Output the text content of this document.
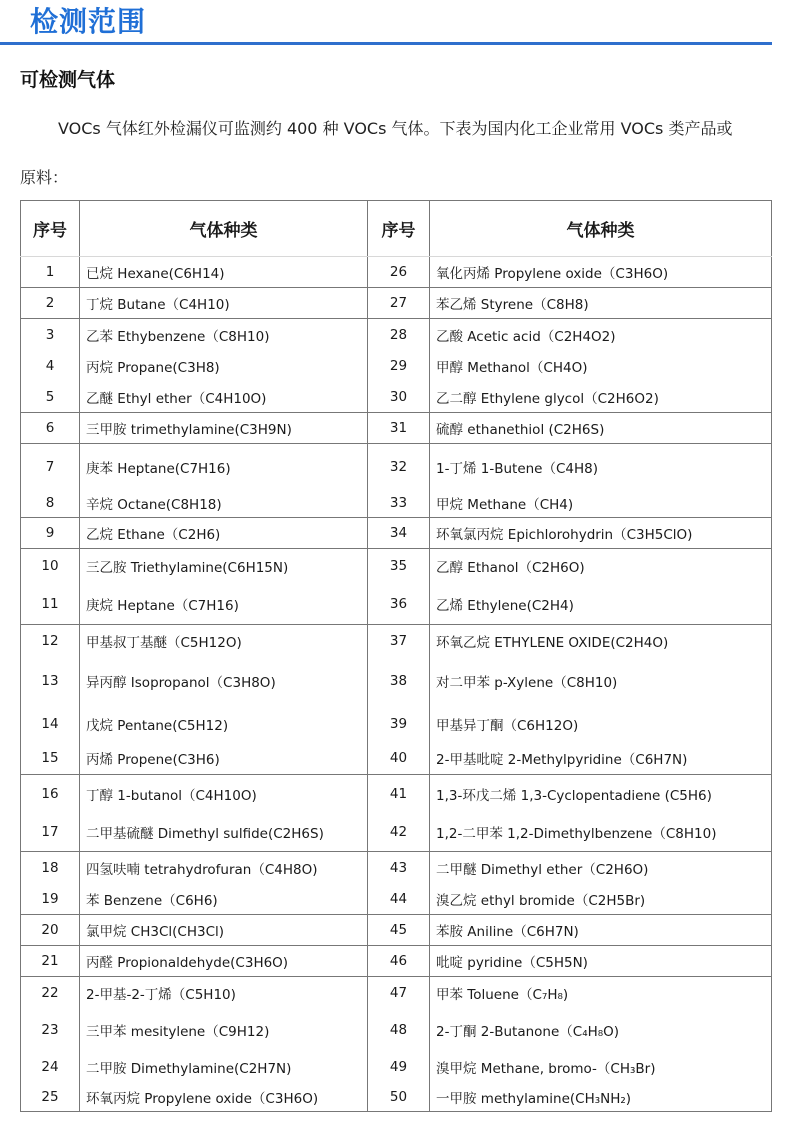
检测范围
可检测气体
VOCs 气体红外检漏仪可监测约 400 种 VOCs 气体。下表为国内化工企业常用 VOCs 类产品或
原料：
序号	气体种类	序号	气体种类
1	已烷 Hexane(C6H14)	26	氧化丙烯 Propylene oxide（C3H6O)
2	丁烷 Butane（C4H10)	27	苯乙烯 Styrene（C8H8)
3	乙苯 Ethybenzene（C8H10)	28	乙酸 Acetic acid（C2H4O2)
4	丙烷 Propane(C3H8)	29	甲醇 Methanol（CH4O)
5	乙醚 Ethyl ether（C4H10O)	30	乙二醇 Ethylene glycol（C2H6O2)
6	三甲胺 trimethylamine(C3H9N)	31	硫醇 ethanethiol (C2H6S)
7	庚苯 Heptane(C7H16)	32	1-丁烯 1-Butene（C4H8)
8	辛烷 Octane(C8H18)	33	甲烷 Methane（CH4)
9	乙烷 Ethane（C2H6)	34	环氧氯丙烷 Epichlorohydrin（C3H5ClO)
10	三乙胺 Triethylamine(C6H15N)	35	乙醇 Ethanol（C2H6O)
11	庚烷 Heptane（C7H16)	36	乙烯 Ethylene(C2H4)
12	甲基叔丁基醚（C5H12O)	37	环氧乙烷 ETHYLENE OXIDE(C2H4O)
13	异丙醇 Isopropanol（C3H8O)	38	对二甲苯 p-Xylene（C8H10)
14	戊烷 Pentane(C5H12)	39	甲基异丁酮（C6H12O)
15	丙烯 Propene(C3H6)	40	2-甲基吡啶 2-Methylpyridine（C6H7N)
16	丁醇 1-butanol（C4H10O)	41	1,3-环戊二烯 1,3-Cyclopentadiene (C5H6)
17	二甲基硫醚 Dimethyl sulfide(C2H6S)	42	1,2-二甲苯 1,2-Dimethylbenzene（C8H10)
18	四氢呋喃 tetrahydrofuran（C4H8O)	43	二甲醚 Dimethyl ether（C2H6O)
19	苯 Benzene（C6H6)	44	溴乙烷 ethyl bromide（C2H5Br)
20	氯甲烷 CH3Cl(CH3Cl)	45	苯胺 Aniline（C6H7N)
21	丙醛 Propionaldehyde(C3H6O)	46	吡啶 pyridine（C5H5N)
22	2-甲基-2-丁烯（C5H10)	47	甲苯 Toluene（C₇H₈)
23	三甲苯 mesitylene（C9H12)	48	2-丁酮 2-Butanone（C₄H₈O)
24	二甲胺 Dimethylamine(C2H7N)	49	溴甲烷 Methane, bromo-（CH₃Br)
25	环氧丙烷 Propylene oxide（C3H6O)	50	一甲胺 methylamine(CH₃NH₂)
